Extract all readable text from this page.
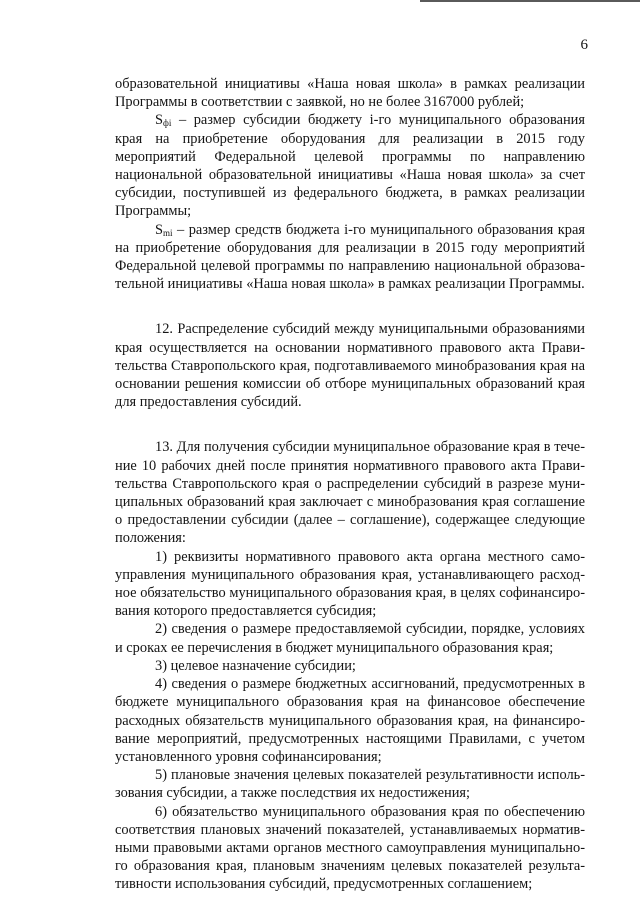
6

образовательной инициативы «Наша новая школа» в рамках реализации Программы в соответствии с заявкой, но не более 3167000 рублей;

$S_{фі}$ – размер субсидии бюджету i-го муниципального образования края на приобретение оборудования для реализации в 2015 году мероприятий Федеральной целевой программы по направлению национальной образовательной инициативы «Наша новая школа» за счет субсидии, поступившей из федерального бюджета, в рамках реализации Программы;

$S_{mi}$ – размер средств бюджета i-го муниципального образования края на приобретение оборудования для реализации в 2015 году мероприятий Федеральной целевой программы по направлению национальной образовательной инициативы «Наша новая школа» в рамках реализации Программы.

12. Распределение субсидий между муниципальными образованиями края осуществляется на основании нормативного правового акта Правительства Ставропольского края, подготавливаемого минобразования края на основании решения комиссии об отборе муниципальных образований края для предоставления субсидий.

13. Для получения субсидии муниципальное образование края в течение 10 рабочих дней после принятия нормативного правового акта Правительства Ставропольского края о распределении субсидий в разрезе муниципальных образований края заключает с минобразования края соглашение о предоставлении субсидии (далее – соглашение), содержащее следующие положения:

1) реквизиты нормативного правового акта органа местного самоуправления муниципального образования края, устанавливающего расходное обязательство муниципального образования края, в целях софинансирования которого предоставляется субсидия;

2) сведения о размере предоставляемой субсидии, порядке, условиях и сроках ее перечисления в бюджет муниципального образования края;

3) целевое назначение субсидии;

4) сведения о размере бюджетных ассигнований, предусмотренных в бюджете муниципального образования края на финансовое обеспечение расходных обязательств муниципального образования края, на финансирование мероприятий, предусмотренных настоящими Правилами, с учетом установленного уровня софинансирования;

5) плановые значения целевых показателей результативности использования субсидии, а также последствия их недостижения;

6) обязательство муниципального образования края по обеспечению соответствия плановых значений показателей, устанавливаемых нормативными правовыми актами органов местного самоуправления муниципального образования края, плановым значениям целевых показателей результативности использования субсидий, предусмотренных соглашением;
